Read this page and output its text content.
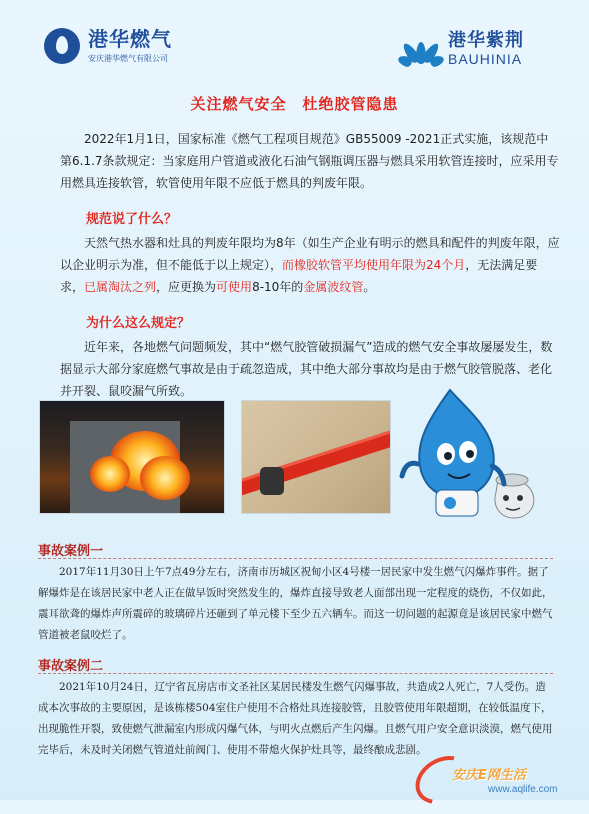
港华燃气
安庆港华燃气有限公司
港华紫荆
BAUHINIA
关注燃气安全　杜绝胶管隐患
2022年1月1日，国家标准《燃气工程项目规范》GB55009 -2021正式实施，该规范中第6.1.7条款规定：当家庭用户管道或液化石油气钢瓶调压器与燃具采用软管连接时，应采用专用燃具连接软管，软管使用年限不应低于燃具的判废年限。
规范说了什么？
天然气热水器和灶具的判废年限均为8年（如生产企业有明示的燃具和配件的判废年限，应以企业明示为准，但不能低于以上规定），而橡胶软管平均使用年限为24个月，无法满足要求，已属淘汰之列，应更换为可使用8-10年的金属波纹管。
为什么这么规定？
近年来，各地燃气问题频发，其中“燃气胶管破损漏气”造成的燃气安全事故屡屡发生，数据显示大部分家庭燃气事故是由于疏忽造成，其中绝大部分事故均是由于燃气胶管脱落、老化并开裂、鼠咬漏气所致。
事故案例一
2017年11月30日上午7点49分左右，济南市历城区祝甸小区4号楼一居民家中发生燃气闪爆炸事件。据了解爆炸是在该居民家中老人正在做早饭时突然发生的，爆炸直接导致老人面部出现一定程度的烧伤，不仅如此，震耳欲聋的爆炸声所震碎的玻璃碎片还砸到了单元楼下至少五六辆车。而这一切问题的起源竟是该居民家中燃气管道被老鼠咬烂了。
事故案例二
2021年10月24日，辽宁省瓦房店市文圣社区某居民楼发生燃气闪爆事故，共造成2人死亡，7人受伤。造成本次事故的主要原因，是该栋楼504室住户使用不合格灶具连接胶管，且胶管使用年限超期，在较低温度下，出现脆性开裂，致使燃气泄漏室内形成闪爆气体，与明火点燃后产生闪爆。且燃气用户安全意识淡漠，燃气使用完毕后，未及时关闭燃气管道灶前阀门、使用不带熄火保护灶具等，最终酿成悲剧。
安庆E网生活
www.aqlife.com
